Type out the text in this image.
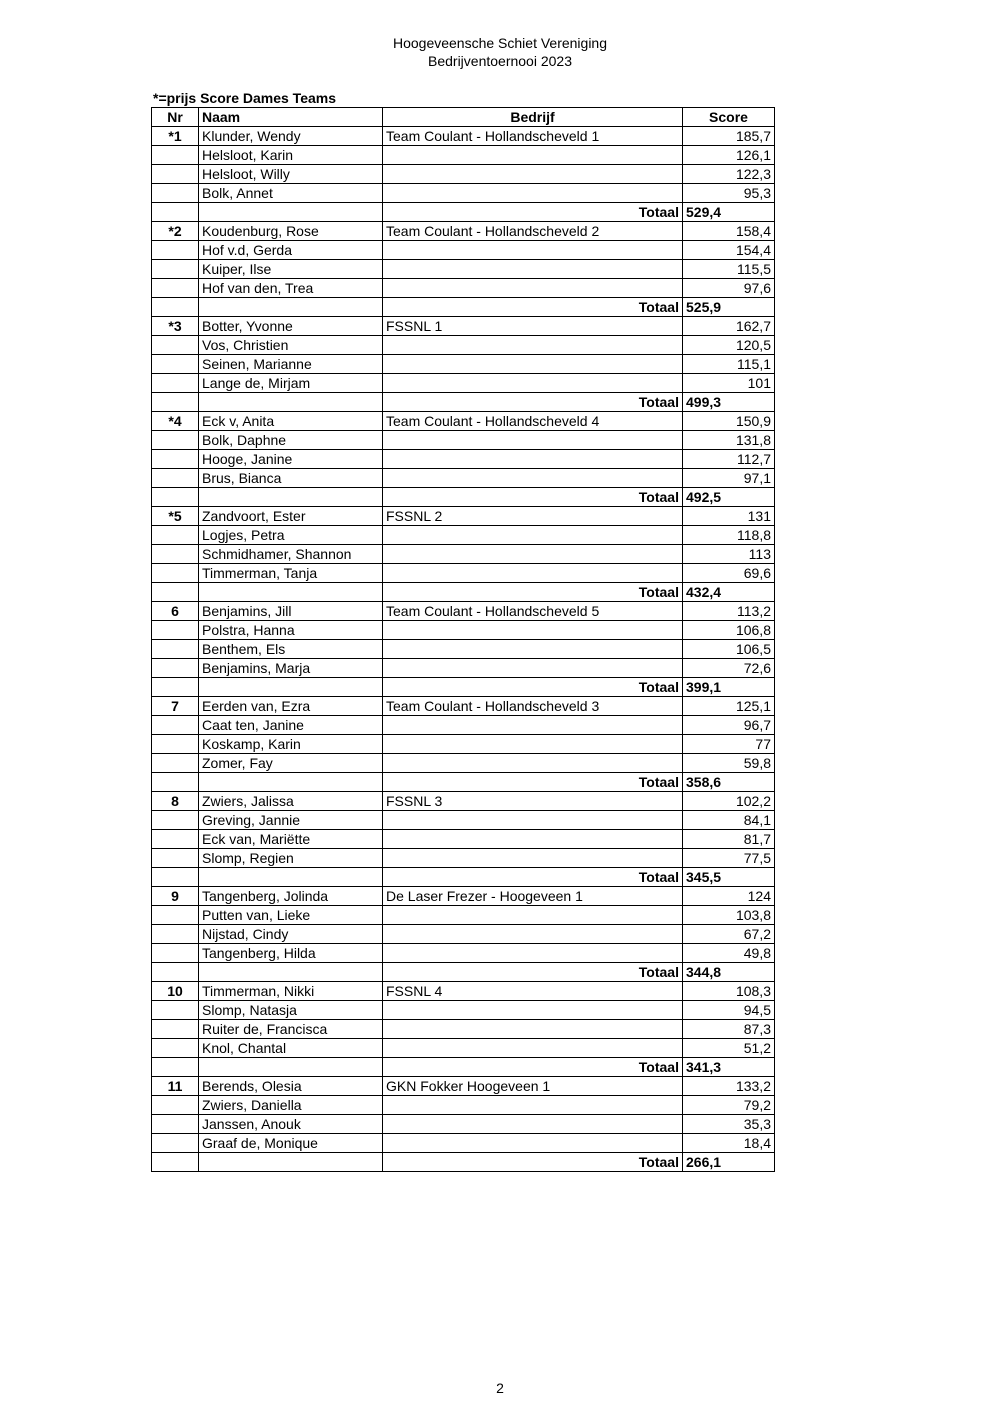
Hoogeveensche Schiet Vereniging
Bedrijventoernooi 2023
*=prijs Score Dames Teams
Nr	Naam	Bedrijf	Score
*1	Klunder, Wendy	Team Coulant - Hollandscheveld 1	185,7
	Helsloot, Karin		126,1
	Helsloot, Willy		122,3
	Bolk, Annet		95,3
		Totaal	529,4
*2	Koudenburg, Rose	Team Coulant - Hollandscheveld 2	158,4
	Hof v.d, Gerda		154,4
	Kuiper, Ilse		115,5
	Hof van den, Trea		97,6
		Totaal	525,9
*3	Botter, Yvonne	FSSNL 1	162,7
	Vos, Christien		120,5
	Seinen, Marianne		115,1
	Lange de, Mirjam		101
		Totaal	499,3
*4	Eck v, Anita	Team Coulant - Hollandscheveld 4	150,9
	Bolk, Daphne		131,8
	Hooge, Janine		112,7
	Brus, Bianca		97,1
		Totaal	492,5
*5	Zandvoort, Ester	FSSNL 2	131
	Logjes, Petra		118,8
	Schmidhamer, Shannon		113
	Timmerman, Tanja		69,6
		Totaal	432,4
6	Benjamins, Jill	Team Coulant - Hollandscheveld 5	113,2
	Polstra, Hanna		106,8
	Benthem, Els		106,5
	Benjamins, Marja		72,6
		Totaal	399,1
7	Eerden van, Ezra	Team Coulant - Hollandscheveld 3	125,1
	Caat ten, Janine		96,7
	Koskamp, Karin		77
	Zomer, Fay		59,8
		Totaal	358,6
8	Zwiers, Jalissa	FSSNL 3	102,2
	Greving, Jannie		84,1
	Eck van, Mariëtte		81,7
	Slomp, Regien		77,5
		Totaal	345,5
9	Tangenberg, Jolinda	De Laser Frezer - Hoogeveen 1	124
	Putten van, Lieke		103,8
	Nijstad, Cindy		67,2
	Tangenberg, Hilda		49,8
		Totaal	344,8
10	Timmerman, Nikki	FSSNL 4	108,3
	Slomp, Natasja		94,5
	Ruiter de, Francisca		87,3
	Knol, Chantal		51,2
		Totaal	341,3
11	Berends, Olesia	GKN Fokker Hoogeveen 1	133,2
	Zwiers, Daniella		79,2
	Janssen, Anouk		35,3
	Graaf de, Monique		18,4
		Totaal	266,1
2
